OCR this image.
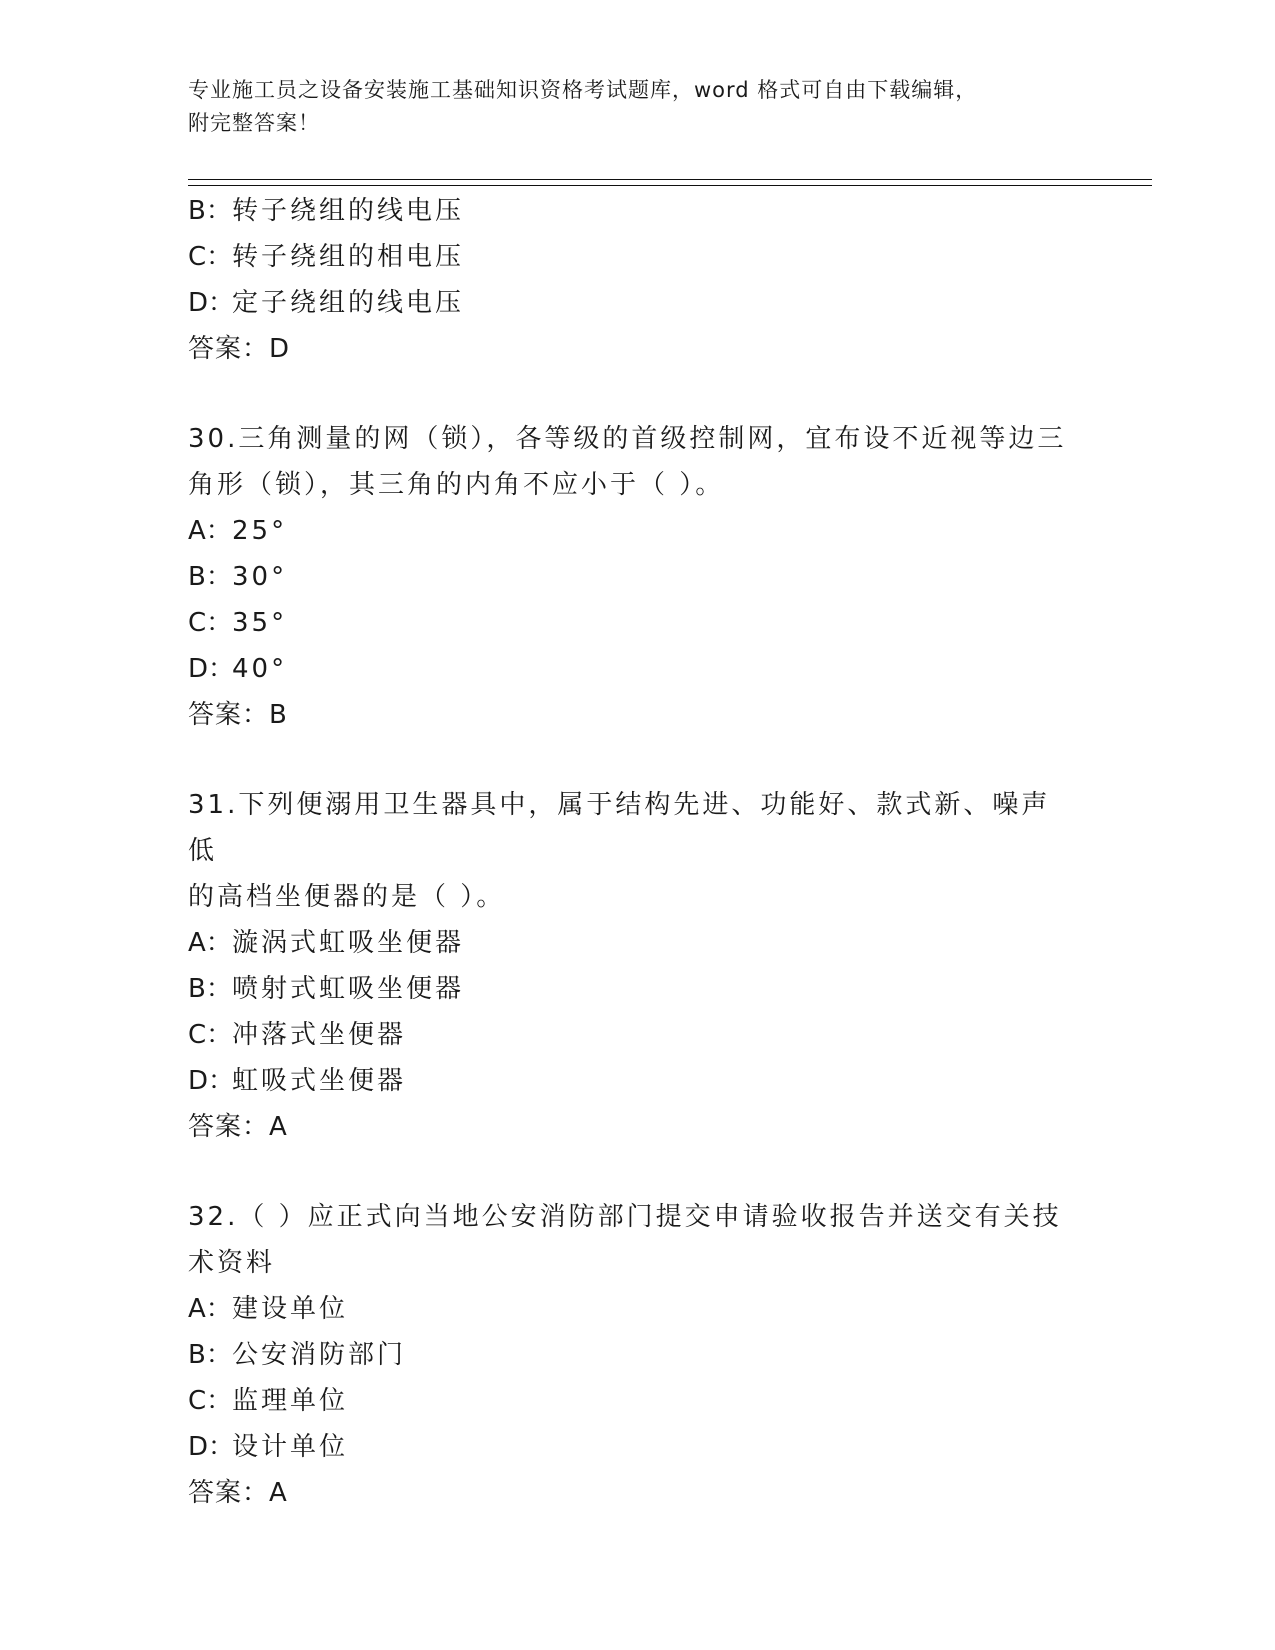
专业施工员之设备安装施工基础知识资格考试题库，word 格式可自由下载编辑，
附完整答案！
B：转子绕组的线电压
C：转子绕组的相电压
D：定子绕组的线电压
答案：D
30.三角测量的网（锁），各等级的首级控制网，宜布设不近视等边三
角形（锁），其三角的内角不应小于（ ）。
A：25°
B：30°
C：35°
D：40°
答案：B
31.下列便溺用卫生器具中，属于结构先进、功能好、款式新、噪声低
的高档坐便器的是（ ）。
A：漩涡式虹吸坐便器
B：喷射式虹吸坐便器
C：冲落式坐便器
D：虹吸式坐便器
答案：A
32.（ ）应正式向当地公安消防部门提交申请验收报告并送交有关技
术资料
A：建设单位
B：公安消防部门
C：监理单位
D：设计单位
答案：A
